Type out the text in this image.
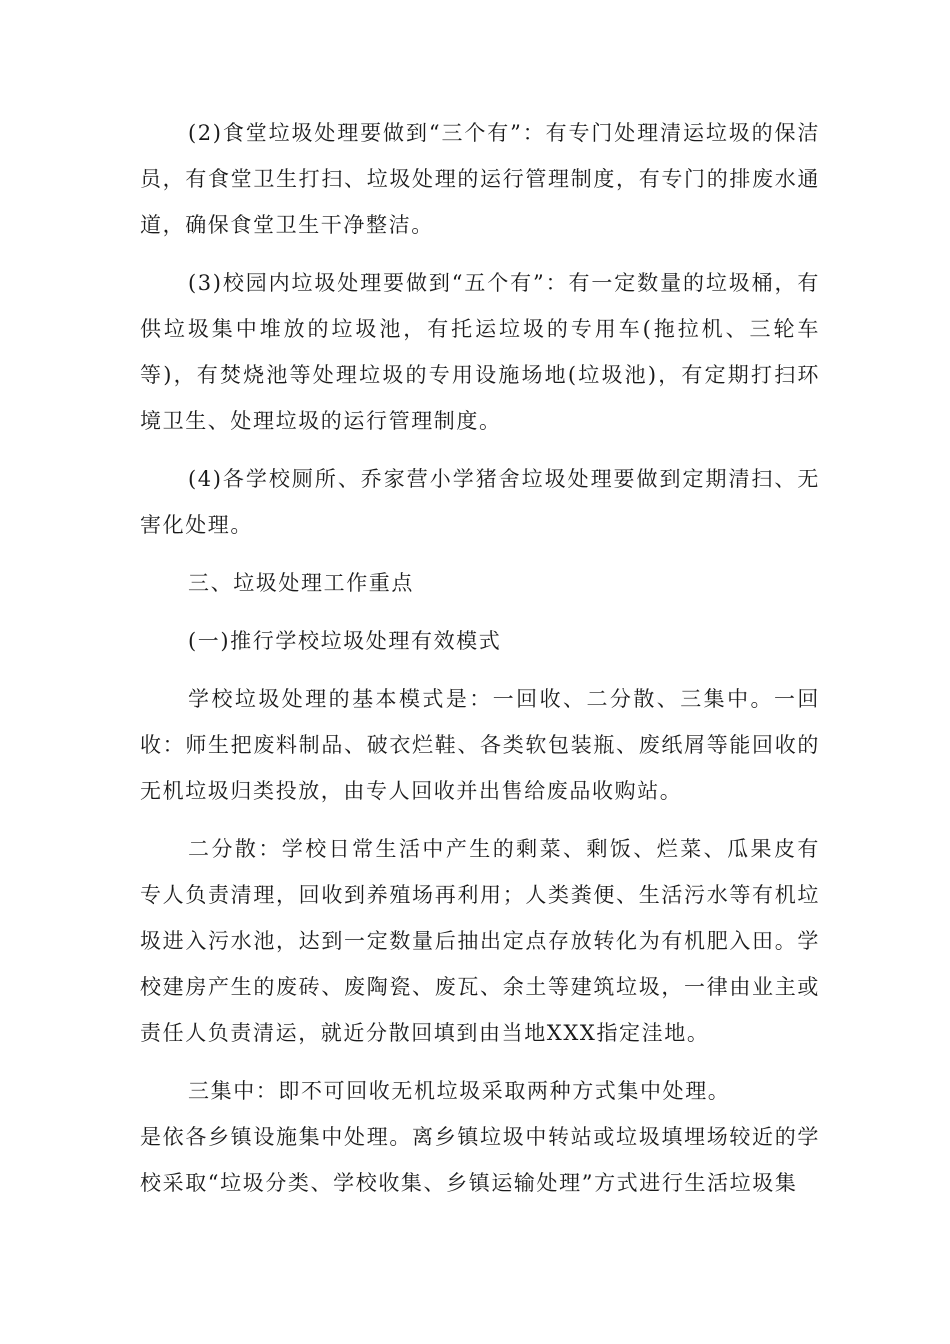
(2)食堂垃圾处理要做到“三个有”：有专门处理清运垃圾的保洁员，有食堂卫生打扫、垃圾处理的运行管理制度，有专门的排废水通道，确保食堂卫生干净整洁。

(3)校园内垃圾处理要做到“五个有”：有一定数量的垃圾桶，有供垃圾集中堆放的垃圾池，有托运垃圾的专用车(拖拉机、三轮车等)，有焚烧池等处理垃圾的专用设施场地(垃圾池)，有定期打扫环境卫生、处理垃圾的运行管理制度。

(4)各学校厕所、乔家营小学猪舍垃圾处理要做到定期清扫、无害化处理。

三、垃圾处理工作重点

(一)推行学校垃圾处理有效模式

学校垃圾处理的基本模式是：一回收、二分散、三集中。一回收：师生把废料制品、破衣烂鞋、各类软包装瓶、废纸屑等能回收的无机垃圾归类投放，由专人回收并出售给废品收购站。

二分散：学校日常生活中产生的剩菜、剩饭、烂菜、瓜果皮有专人负责清理，回收到养殖场再利用；人类粪便、生活污水等有机垃圾进入污水池，达到一定数量后抽出定点存放转化为有机肥入田。学校建房产生的废砖、废陶瓷、废瓦、余土等建筑垃圾，一律由业主或责任人负责清运，就近分散回填到由当地XXX指定洼地。

三集中：即不可回收无机垃圾采取两种方式集中处理。

是依各乡镇设施集中处理。离乡镇垃圾中转站或垃圾填埋场较近的学校采取“垃圾分类、学校收集、乡镇运输处理”方式进行生活垃圾集
